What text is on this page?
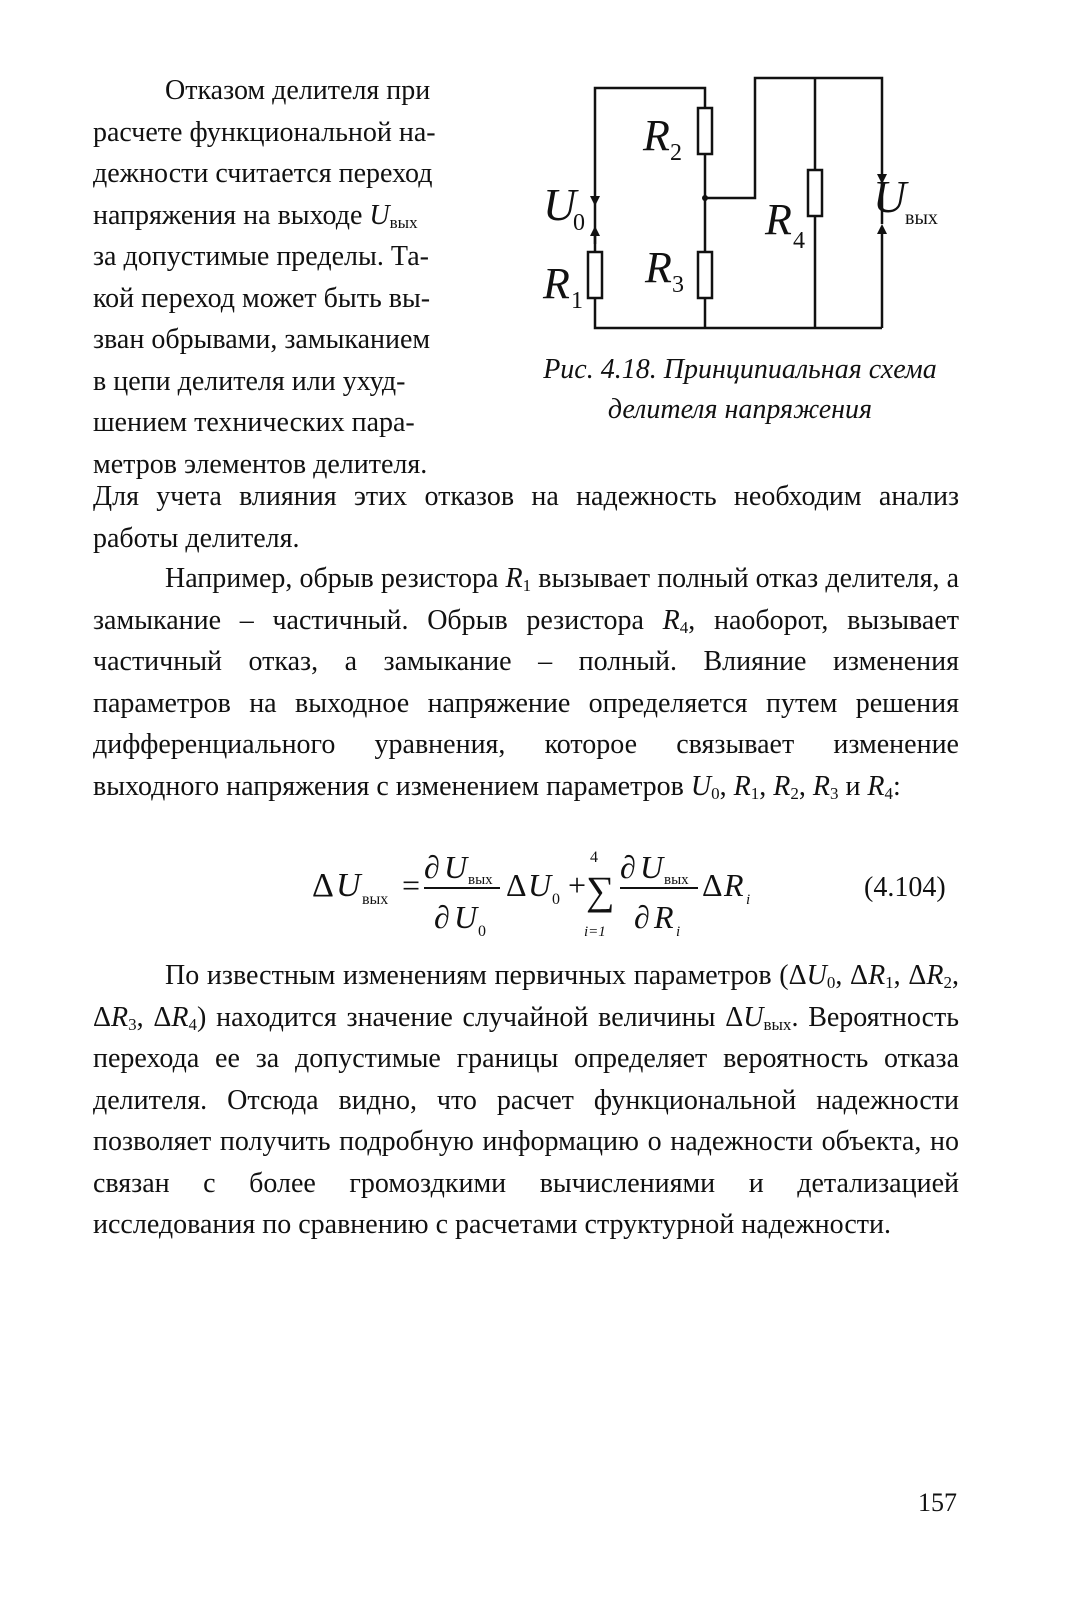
Отказом делителя при
расчете функциональной на-
дежности считается переход
напряжения на выходе $U_{вых}$
за допустимые пределы. Та-
кой переход может быть вы-
зван обрывами, замыканием
в цепи делителя или ухуд-
шением технических пара-
метров элементов делителя.
U
0
R 1
R 2
R 3
R 4
U
вых
Рис. 4.18. Принципиальная схема
делителя напряжения

Для учета влияния этих отказов на надежность необходим анализ работы делителя.

Например, обрыв резистора $R_1$ вызывает полный отказ делителя, а замыкание – частичный. Обрыв резистора $R_4$, наоборот, вызывает частичный отказ, а замыкание – полный. Влияние изменения параметров на выходное напряжение определяется путем решения дифференциального уравнения, которое связывает изменение выходного напряжения с изменением параметров $U_0$, $R_1$, $R_2$, $R_3$ и $R_4$:

Δ U вых = ∂ U вых
∂ U 0
Δ U 0 +
4
∑
i=1
∂ U вых
∂ R i
Δ R i	(4.104)

По известным изменениям первичных параметров ($\Delta U_0$, $\Delta R_1$, $\Delta R_2$, $\Delta R_3$, $\Delta R_4$) находится значение случайной величины $\Delta U_{вых}$. Вероятность перехода ее за допустимые границы определяет вероятность отказа делителя. Отсюда видно, что расчет функциональной надежности позволяет получить подробную информацию о надежности объекта, но связан с более громоздкими вычислениями и детализацией исследования по сравнению с расчетами структурной надежности.

157
